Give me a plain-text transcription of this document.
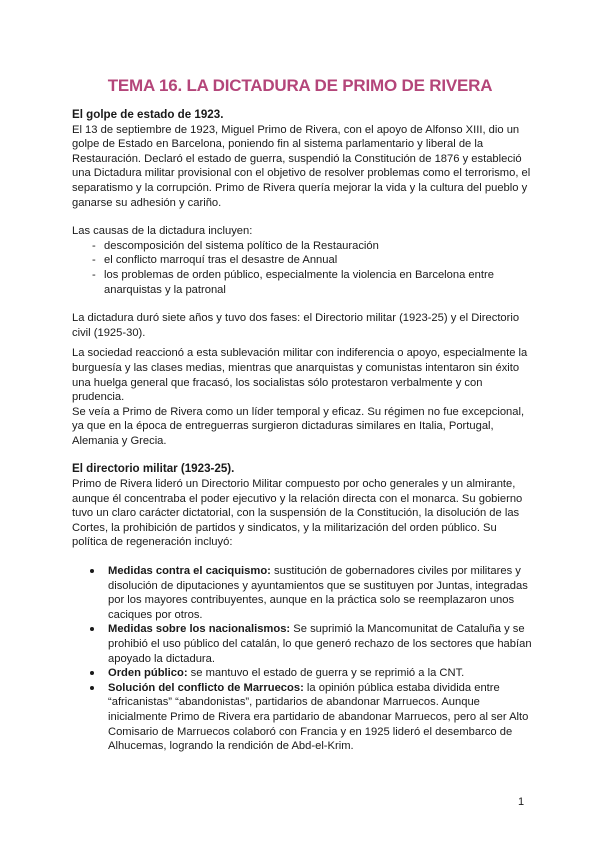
TEMA 16. LA DICTADURA DE PRIMO DE RIVERA

El golpe de estado de 1923.

El 13 de septiembre de 1923, Miguel Primo de Rivera, con el apoyo de Alfonso XIII, dio un golpe de Estado en Barcelona, poniendo fin al sistema parlamentario y liberal de la Restauración. Declaró el estado de guerra, suspendió la Constitución de 1876 y estableció una Dictadura militar provisional con el objetivo de resolver problemas como el terrorismo, el separatismo y la corrupción. Primo de Rivera quería mejorar la vida y la cultura del pueblo y ganarse su adhesión y cariño.

Las causas de la dictadura incluyen:

- descomposición del sistema político de la Restauración
- el conflicto marroquí tras el desastre de Annual
- los problemas de orden público, especialmente la violencia en Barcelona entre anarquistas y la patronal

La dictadura duró siete años y tuvo dos fases: el Directorio militar (1923-25) y el Directorio civil (1925-30).

La sociedad reaccionó a esta sublevación militar con indiferencia o apoyo, especialmente la burguesía y las clases medias, mientras que anarquistas y comunistas intentaron sin éxito una huelga general que fracasó, los socialistas sólo protestaron verbalmente y con prudencia.

Se veía a Primo de Rivera como un líder temporal y eficaz. Su régimen no fue excepcional, ya que en la época de entreguerras surgieron dictaduras similares en Italia, Portugal, Alemania y Grecia.

El directorio militar (1923-25).

Primo de Rivera lideró un Directorio Militar compuesto por ocho generales y un almirante, aunque él concentraba el poder ejecutivo y la relación directa con el monarca. Su gobierno tuvo un claro carácter dictatorial, con la suspensión de la Constitución, la disolución de las Cortes, la prohibición de partidos y sindicatos, y la militarización del orden público. Su política de regeneración incluyó:

Medidas contra el caciquismo: sustitución de gobernadores civiles por militares y disolución de diputaciones y ayuntamientos que se sustituyen por Juntas, integradas por los mayores contribuyentes, aunque en la práctica solo se reemplazaron unos caciques por otros.
Medidas sobre los nacionalismos: Se suprimió la Mancomunitat de Cataluña y se prohibió el uso público del catalán, lo que generó rechazo de los sectores que habían apoyado la dictadura.
Orden público: se mantuvo el estado de guerra y se reprimió a la CNT.
Solución del conflicto de Marruecos: la opinión pública estaba dividida entre “africanistas” “abandonistas”, partidarios de abandonar Marruecos. Aunque inicialmente Primo de Rivera era partidario de abandonar Marruecos, pero al ser Alto Comisario de Marruecos colaboró con Francia y en 1925 lideró el desembarco de Alhucemas, logrando la rendición de Abd-el-Krim.
1
